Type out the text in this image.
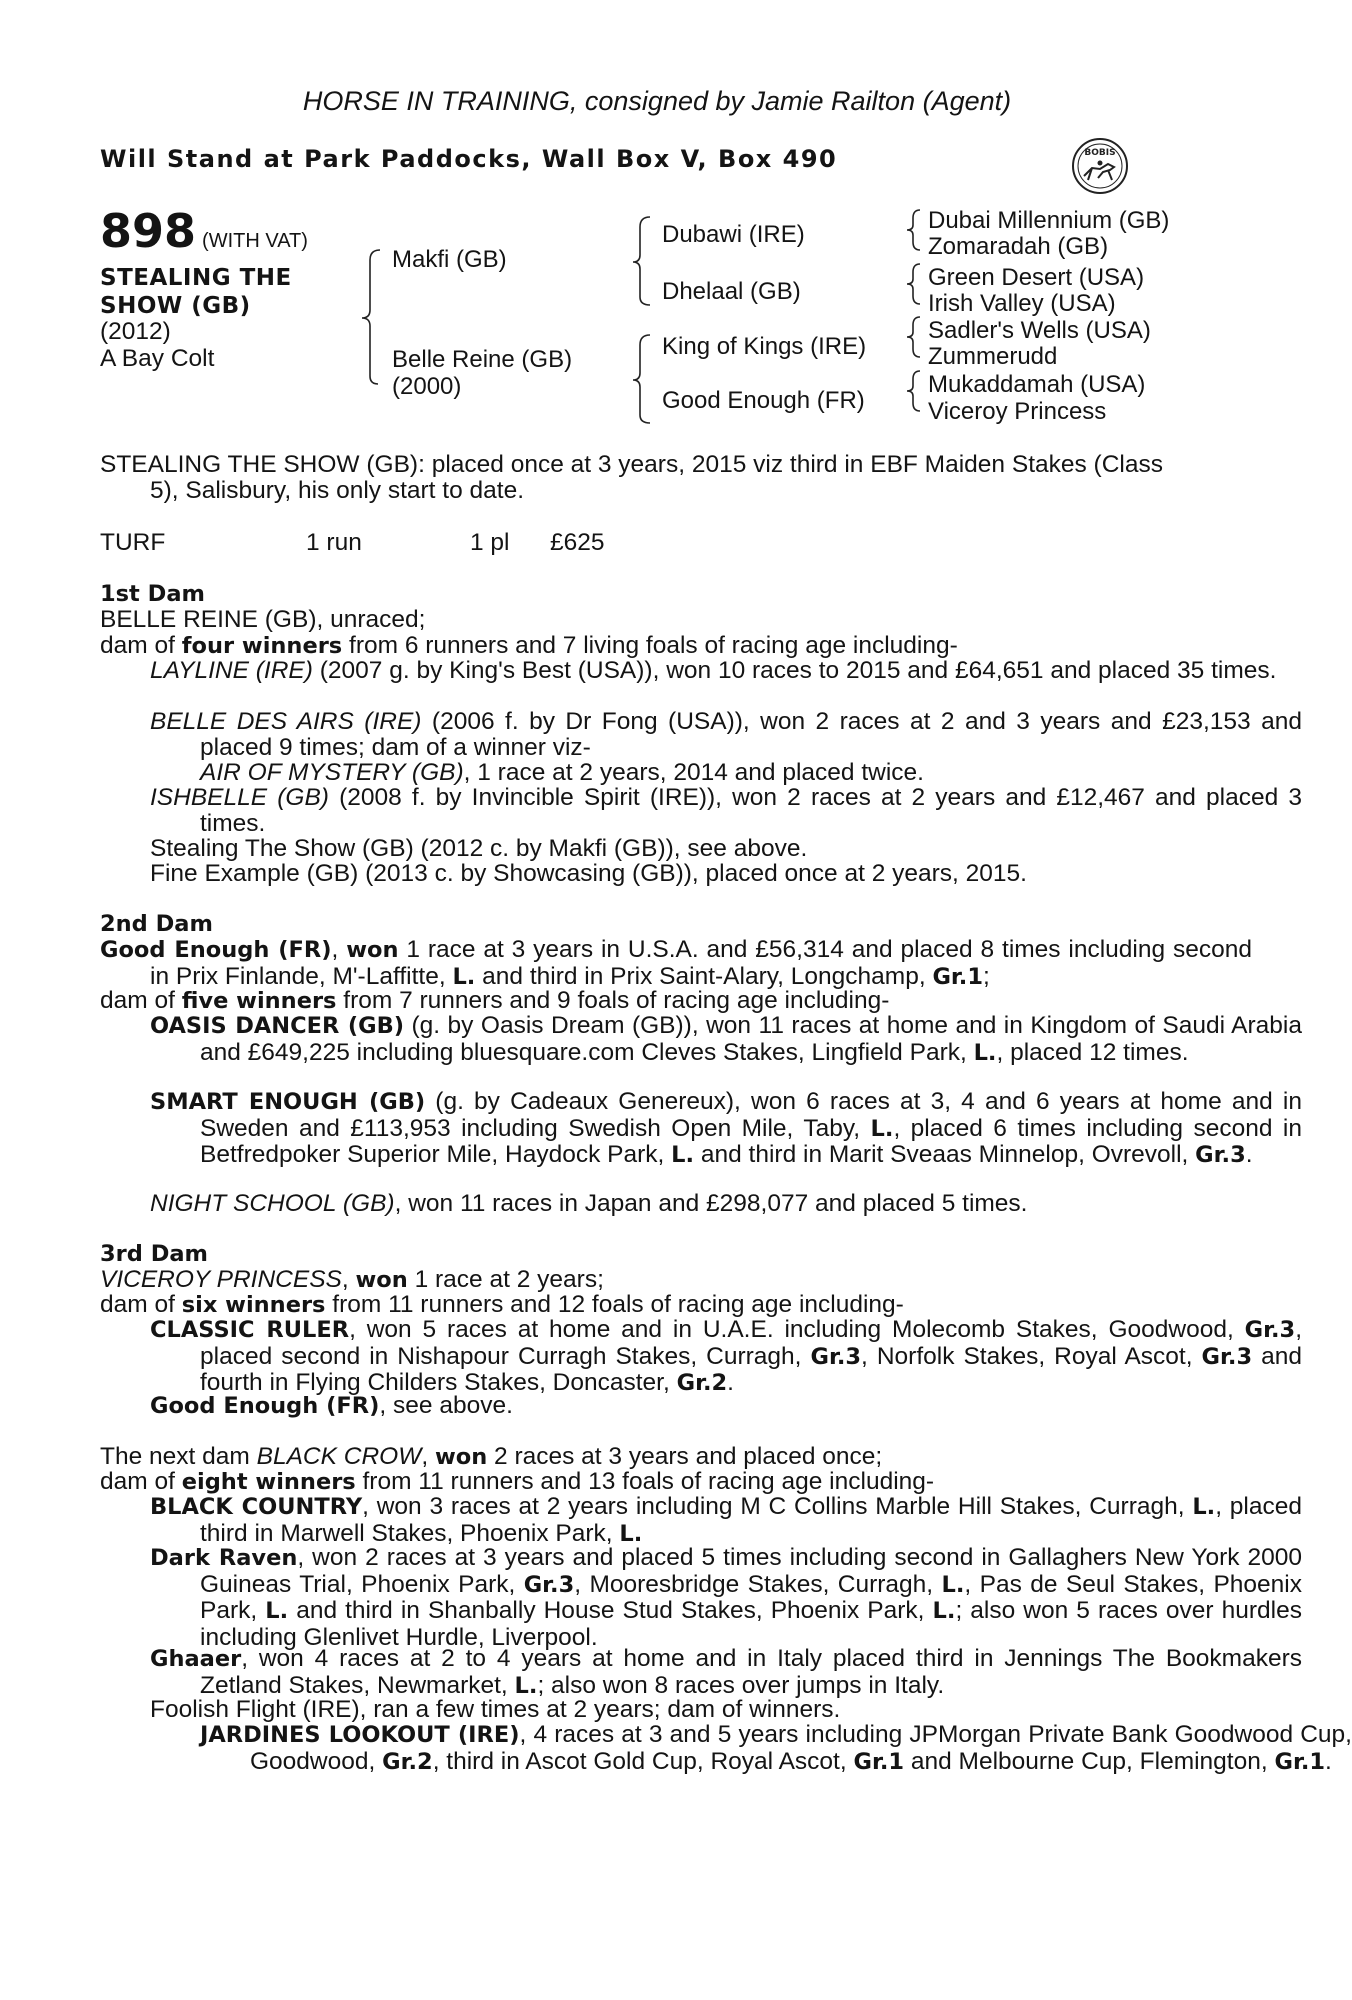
HORSE IN TRAINING, consigned by Jamie Railton (Agent)
Will Stand at Park Paddocks, Wall Box V, Box 490	BOBIS
898 (WITH VAT)
STEALING THE
SHOW (GB)
(2012)
A Bay Colt
Makfi (GB)
Belle Reine (GB)
(2000)
Dubawi (IRE)
Dhelaal (GB)
King of Kings (IRE)
Good Enough (FR)
Dubai Millennium (GB)
Zomaradah (GB)
Green Desert (USA)
Irish Valley (USA)
Sadler's Wells (USA)
Zummerudd
Mukaddamah (USA)
Viceroy Princess
STEALING THE SHOW (GB): placed once at 3 years, 2015 viz third in EBF Maiden Stakes (Class
5), Salisbury, his only start to date.
TURF	1 run	1 pl £625
1st Dam
BELLE REINE (GB), unraced;
dam of four winners from 6 runners and 7 living foals of racing age including-
LAYLINE (IRE) (2007 g. by King's Best (USA)), won 10 races to 2015 and £64,651 and placed 35 times.
BELLE DES AIRS (IRE) (2006 f. by Dr Fong (USA)), won 2 races at 2 and 3 years and £23,153 and placed 9 times; dam of a winner viz-
AIR OF MYSTERY (GB), 1 race at 2 years, 2014 and placed twice.
ISHBELLE (GB) (2008 f. by Invincible Spirit (IRE)), won 2 races at 2 years and £12,467 and placed 3 times.
Stealing The Show (GB) (2012 c. by Makfi (GB)), see above.
Fine Example (GB) (2013 c. by Showcasing (GB)), placed once at 2 years, 2015.
2nd Dam
Good Enough (FR), won 1 race at 3 years in U.S.A. and £56,314 and placed 8 times including second in Prix Finlande, M'-Laffitte, L. and third in Prix Saint-Alary, Longchamp, Gr.1;
dam of five winners from 7 runners and 9 foals of racing age including-
OASIS DANCER (GB) (g. by Oasis Dream (GB)), won 11 races at home and in Kingdom of Saudi Arabia and £649,225 including bluesquare.com Cleves Stakes, Lingfield Park, L., placed 12 times.
SMART ENOUGH (GB) (g. by Cadeaux Genereux), won 6 races at 3, 4 and 6 years at home and in Sweden and £113,953 including Swedish Open Mile, Taby, L., placed 6 times including second in Betfredpoker Superior Mile, Haydock Park, L. and third in Marit Sveaas Minnelop, Ovrevoll, Gr.3.
NIGHT SCHOOL (GB), won 11 races in Japan and £298,077 and placed 5 times.
3rd Dam
VICEROY PRINCESS, won 1 race at 2 years;
dam of six winners from 11 runners and 12 foals of racing age including-
CLASSIC RULER, won 5 races at home and in U.A.E. including Molecomb Stakes, Goodwood, Gr.3, placed second in Nishapour Curragh Stakes, Curragh, Gr.3, Norfolk Stakes, Royal Ascot, Gr.3 and fourth in Flying Childers Stakes, Doncaster, Gr.2.
Good Enough (FR), see above.
The next dam BLACK CROW, won 2 races at 3 years and placed once;
dam of eight winners from 11 runners and 13 foals of racing age including-
BLACK COUNTRY, won 3 races at 2 years including M C Collins Marble Hill Stakes, Curragh, L., placed third in Marwell Stakes, Phoenix Park, L.
Dark Raven, won 2 races at 3 years and placed 5 times including second in Gallaghers New York 2000 Guineas Trial, Phoenix Park, Gr.3, Mooresbridge Stakes, Curragh, L., Pas de Seul Stakes, Phoenix Park, L. and third in Shanbally House Stud Stakes, Phoenix Park, L.; also won 5 races over hurdles including Glenlivet Hurdle, Liverpool.
Ghaaer, won 4 races at 2 to 4 years at home and in Italy placed third in Jennings The Bookmakers Zetland Stakes, Newmarket, L.; also won 8 races over jumps in Italy.
Foolish Flight (IRE), ran a few times at 2 years; dam of winners.
JARDINES LOOKOUT (IRE), 4 races at 3 and 5 years including JPMorgan Private Bank Goodwood Cup, Goodwood, Gr.2, third in Ascot Gold Cup, Royal Ascot, Gr.1 and Melbourne Cup, Flemington, Gr.1.
